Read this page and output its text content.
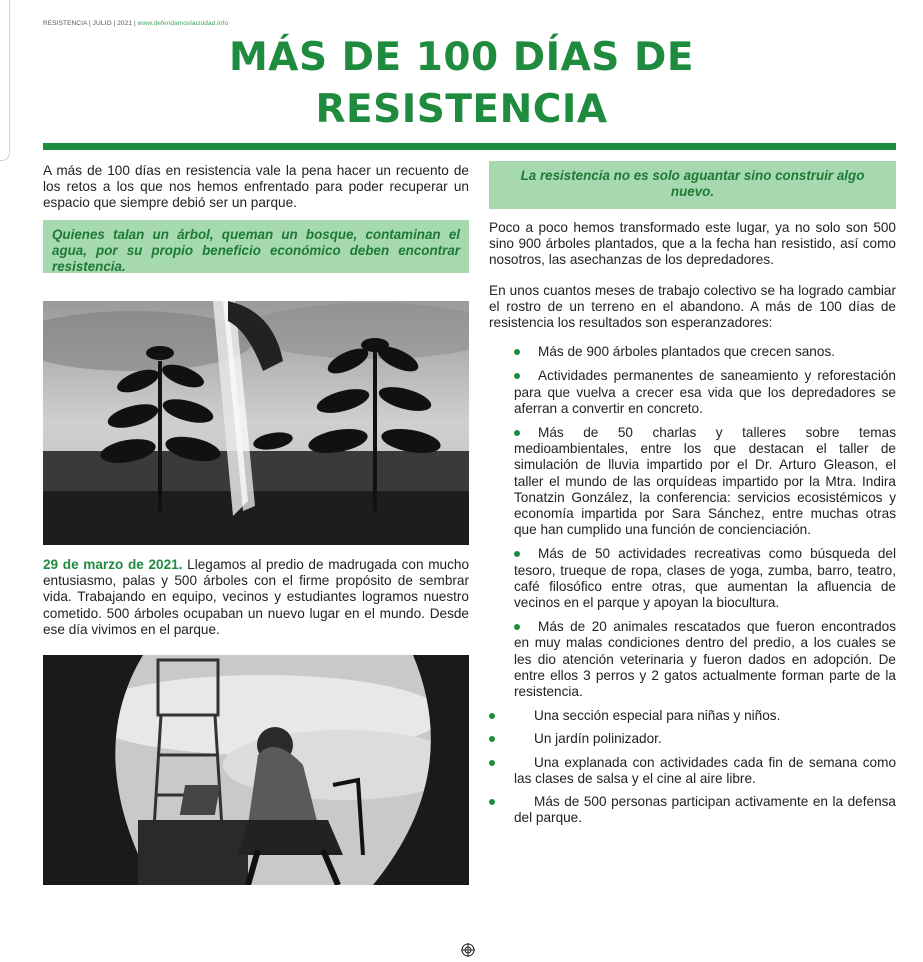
RESISTENCIA | JULIO | 2021 | www.defendamoslaciudad.info
MÁS DE 100 DÍAS DE
RESISTENCIA

A más de 100 días en resistencia vale la pena hacer un recuento de los retos a los que nos hemos enfrentado para poder recuperar un espacio que siempre debió ser un parque.

Quienes talan un árbol, queman un bosque, contaminan el agua, por su propio beneficio económico deben encontrar resistencia.

29 de marzo de 2021. Llegamos al predio de madrugada con mucho entusiasmo, palas y 500 árboles con el firme propósito de sembrar vida. Trabajando en equipo, vecinos y estudiantes logramos nuestro cometido. 500 árboles ocupaban un nuevo lugar en el mundo. Desde ese día vivimos en el parque.

La resistencia no es solo aguantar sino construir algo nuevo.

Poco a poco hemos transformado este lugar, ya no solo son 500 sino 900 árboles plantados, que a la fecha han resistido, así como nosotros, las asechanzas de los depredadores.

En unos cuantos meses de trabajo colectivo se ha logrado cambiar el rostro de un terreno en el abandono. A más de 100 días de resistencia los resultados son esperanzadores:

Más de 900 árboles plantados que crecen sanos.
Actividades permanentes de saneamiento y reforestación para que vuelva a crecer esa vida que los depredadores se aferran a convertir en concreto.
Más de 50 charlas y talleres sobre temas medioambientales, entre los que destacan el taller de simulación de lluvia impartido por el Dr. Arturo Gleason, el taller el mundo de las orquídeas impartido por la Mtra. Indira Tonatzin González, la conferencia: servicios ecosistémicos y economía impartida por Sara Sánchez, entre muchas otras que han cumplido una función de concienciación.
Más de 50 actividades recreativas como búsqueda del tesoro, trueque de ropa, clases de yoga, zumba, barro, teatro, café filosófico entre otras, que aumentan la afluencia de vecinos en el parque y apoyan la biocultura.
Más de 20 animales rescatados que fueron encontrados en muy malas condiciones dentro del predio, a los cuales se les dio atención veterinaria y fueron dados en adopción. De entre ellos 3 perros y 2 gatos actualmente forman parte de la resistencia.
Una sección especial para niñas y niños.
Un jardín polinizador.
Una explanada con actividades cada fin de semana como las clases de salsa y el cine al aire libre.
Más de 500 personas participan activamente en la defensa del parque.
